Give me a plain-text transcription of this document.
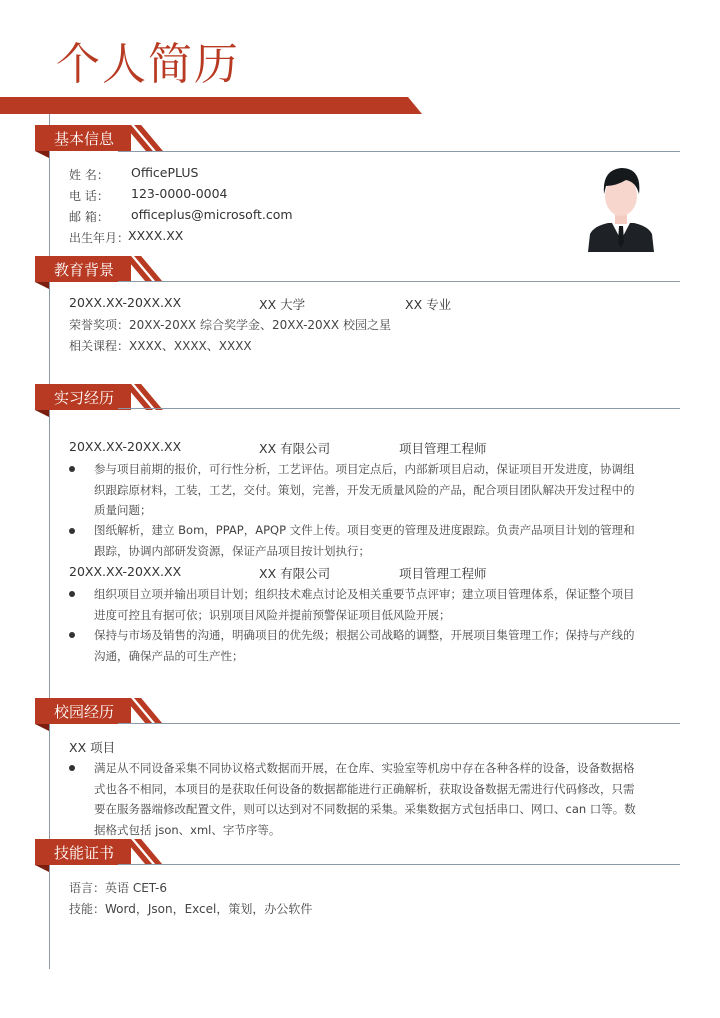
个人简历
基本信息
姓 名： OfficePLUS
电 话： 123-0000-0004
邮 箱： officeplus@microsoft.com
出生年月：
XXXX.XX
教育背景
20XX.XX-20XX.XX	XX 大学	XX 专业
荣誉奖项：20XX-20XX 综合奖学金、20XX-20XX 校园之星
相关课程：XXXX、XXXX、XXXX
实习经历
20XX.XX-20XX.XX	XX 有限公司	项目管理工程师
参与项目前期的报价，可行性分析，工艺评估。项目定点后，内部新项目启动，保证项目开发进度，协调组
织跟踪原材料，工装，工艺，交付。策划，完善，开发无质量风险的产品，配合项目团队解决开发过程中的
质量问题；
图纸解析，建立 Bom，PPAP，APQP 文件上传。项目变更的管理及进度跟踪。负责产品项目计划的管理和
跟踪，协调内部研发资源，保证产品项目按计划执行；
20XX.XX-20XX.XX	XX 有限公司	项目管理工程师
组织项目立项并输出项目计划；组织技术难点讨论及相关重要节点评审；建立项目管理体系，保证整个项目
进度可控且有据可依；识别项目风险并提前预警保证项目低风险开展；
保持与市场及销售的沟通，明确项目的优先级；根据公司战略的调整，开展项目集管理工作；保持与产线的
沟通，确保产品的可生产性；
校园经历
XX 项目
满足从不同设备采集不同协议格式数据而开展，在仓库、实验室等机房中存在各种各样的设备，设备数据格
式也各不相同，本项目的是获取任何设备的数据都能进行正确解析，获取设备数据无需进行代码修改，只需
要在服务器端修改配置文件，则可以达到对不同数据的采集。采集数据方式包括串口、网口、can 口等。数
据格式包括 json、xml、字节序等。
技能证书
语言：英语 CET-6
技能：Word，Json，Excel，策划，办公软件
